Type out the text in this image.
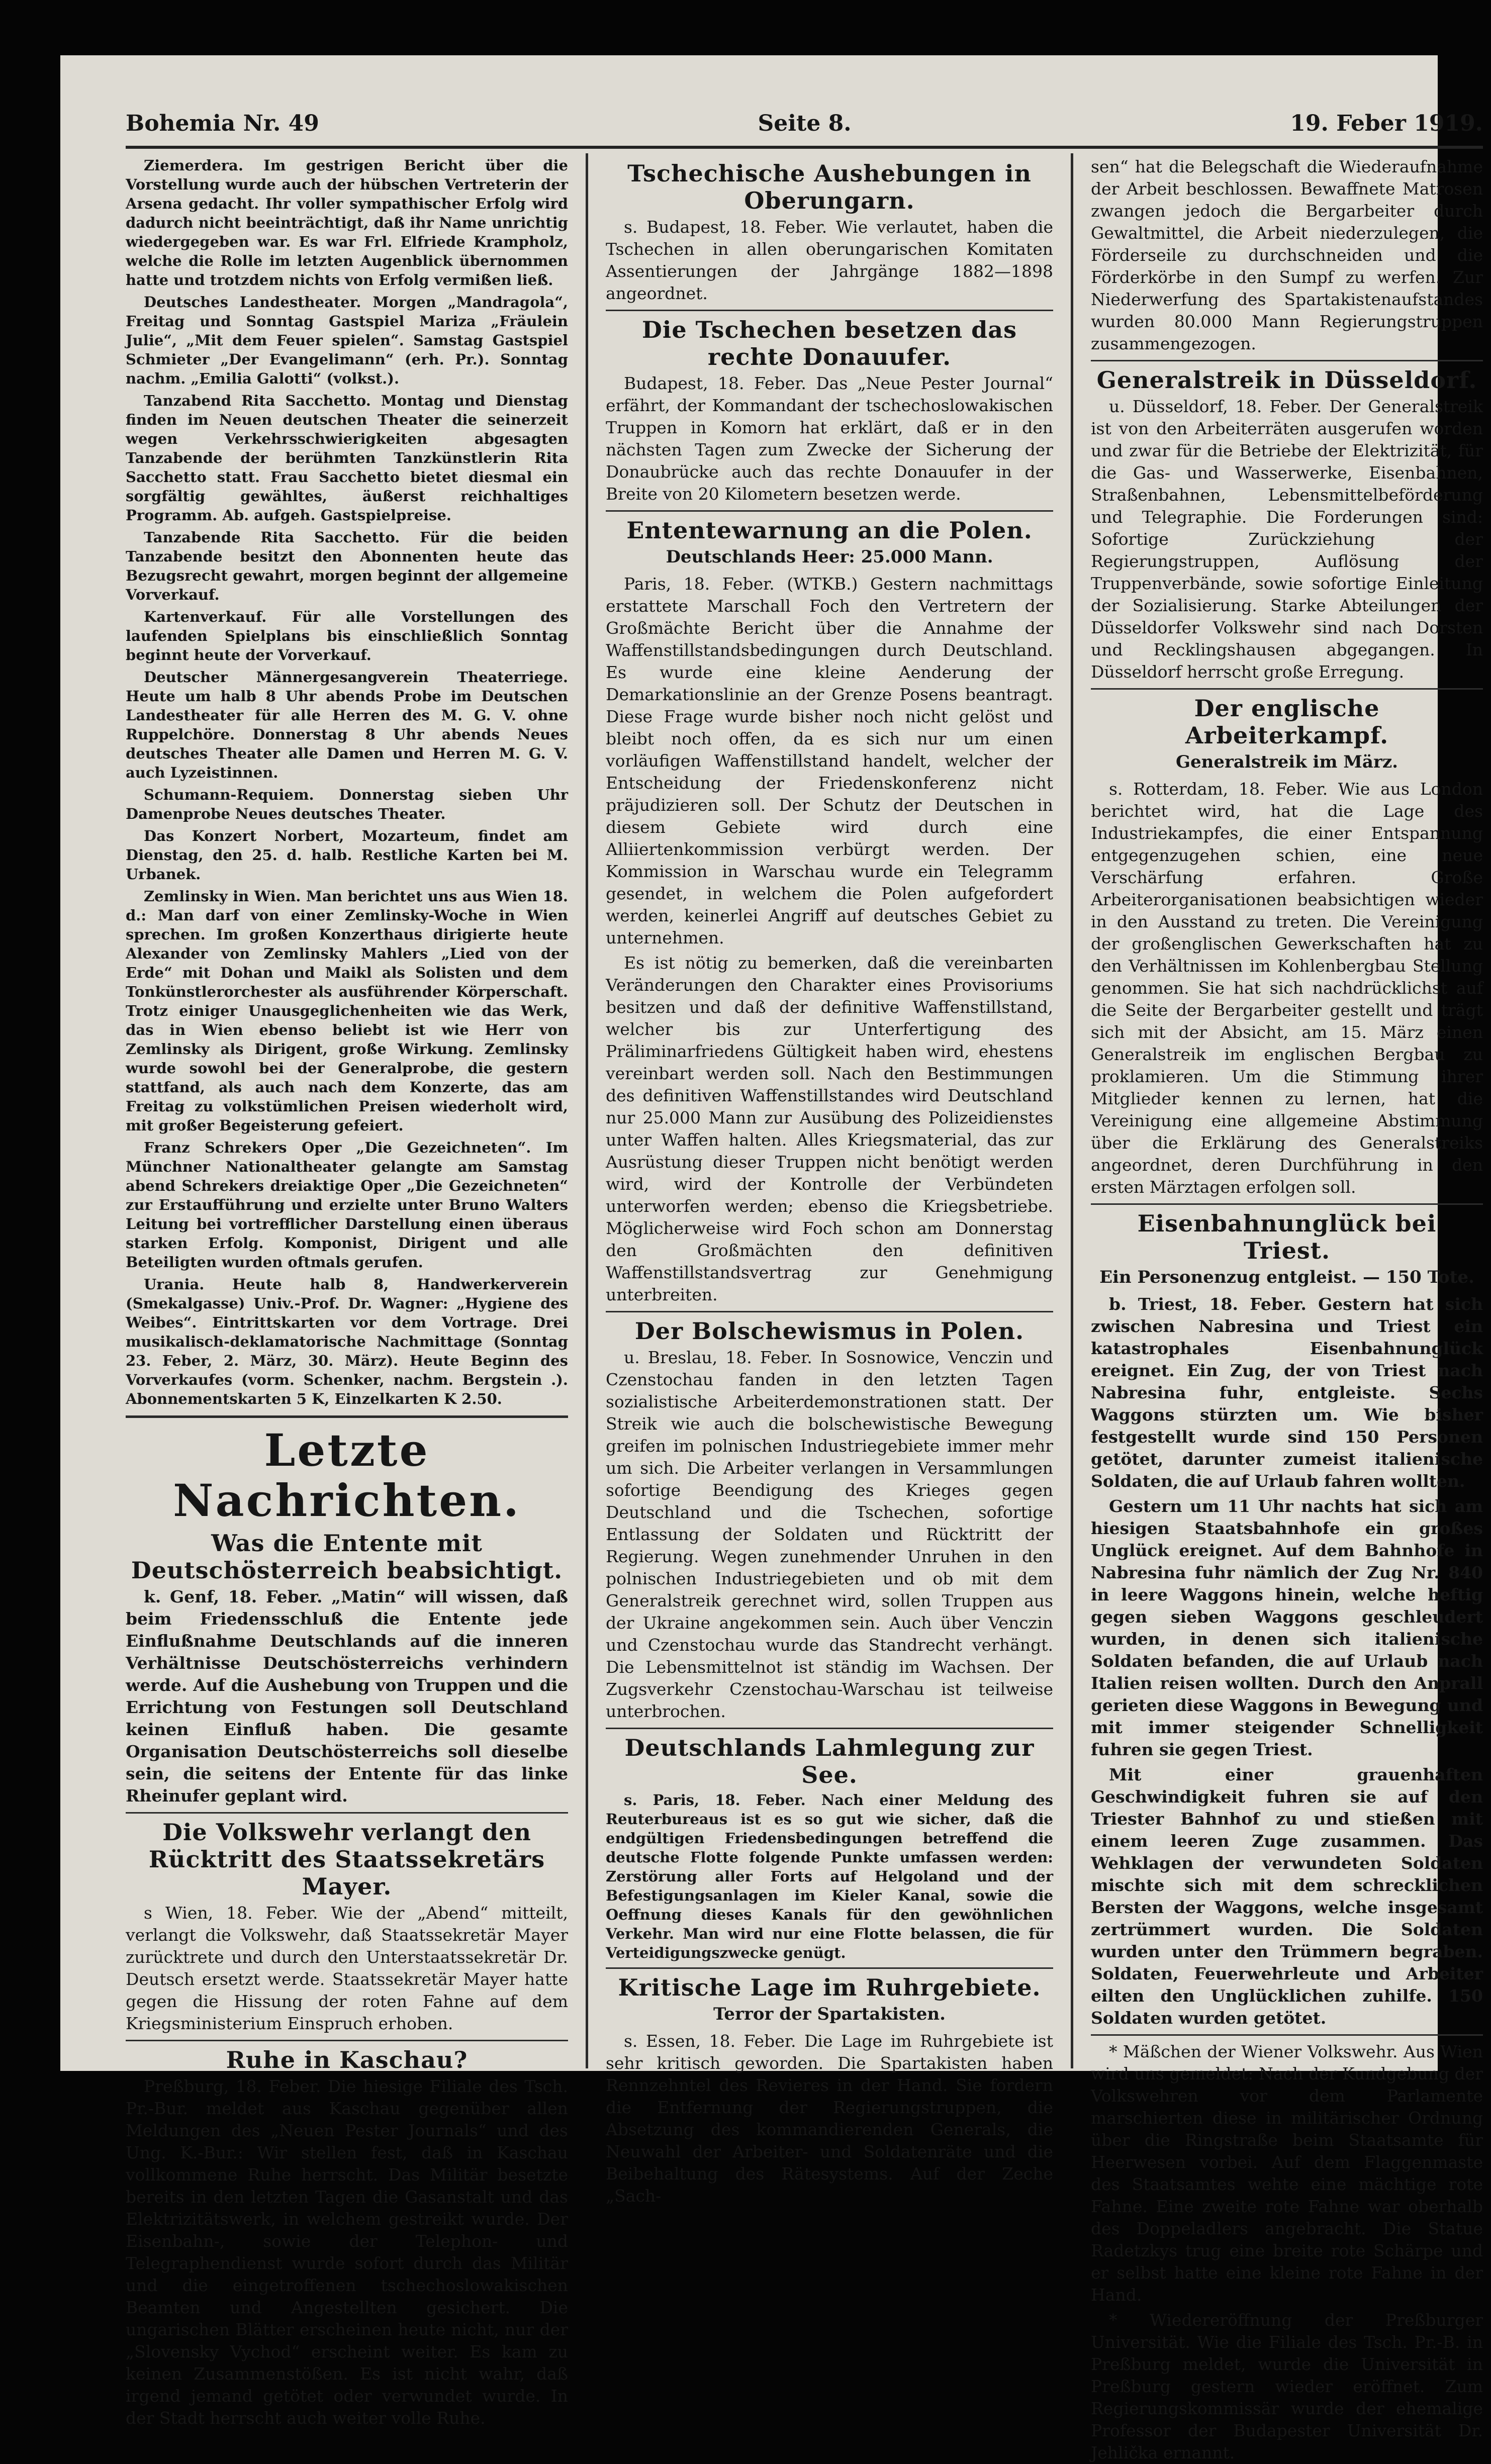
Bohemia Nr. 49	Seite 8.	19. Feber 1919.

Ziemerdera. Im gestrigen Bericht über die Vorstellung wurde auch der hübschen Vertreterin der Arsena gedacht. Ihr voller sympathischer Erfolg wird dadurch nicht beeinträchtigt, daß ihr Name unrichtig wiedergegeben war. Es war Frl. Elfriede Krampholz, welche die Rolle im letzten Augenblick übernommen hatte und trotzdem nichts von Erfolg vermißen ließ.

Deutsches Landestheater. Morgen „Mandragola“, Freitag und Sonntag Gastspiel Mariza „Fräulein Julie“, „Mit dem Feuer spielen“. Samstag Gastspiel Schmieter „Der Evangelimann“ (erh. Pr.). Sonntag nachm. „Emilia Galotti“ (volkst.).

Tanzabend Rita Sacchetto. Montag und Dienstag finden im Neuen deutschen Theater die seinerzeit wegen Verkehrsschwierigkeiten abgesagten Tanzabende der berühmten Tanzkünstlerin Rita Sacchetto statt. Frau Sacchetto bietet diesmal ein sorgfältig gewähltes, äußerst reichhaltiges Programm. Ab. aufgeh. Gastspielpreise.

Tanzabende Rita Sacchetto. Für die beiden Tanzabende besitzt den Abonnenten heute das Bezugsrecht gewahrt, morgen beginnt der allgemeine Vorverkauf.

Kartenverkauf. Für alle Vorstellungen des laufenden Spielplans bis einschließlich Sonntag beginnt heute der Vorverkauf.

Deutscher Männergesangverein Theaterriege. Heute um halb 8 Uhr abends Probe im Deutschen Landestheater für alle Herren des M. G. V. ohne Ruppelchöre. Donnerstag 8 Uhr abends Neues deutsches Theater alle Damen und Herren M. G. V. auch Lyzeistinnen.

Schumann-Requiem. Donnerstag sieben Uhr Damenprobe Neues deutsches Theater.

Das Konzert Norbert, Mozarteum, findet am Dienstag, den 25. d. halb. Restliche Karten bei M. Urbanek.

Zemlinsky in Wien. Man berichtet uns aus Wien 18. d.: Man darf von einer Zemlinsky-Woche in Wien sprechen. Im großen Konzerthaus dirigierte heute Alexander von Zemlinsky Mahlers „Lied von der Erde“ mit Dohan und Maikl als Solisten und dem Tonkünstlerorchester als ausführender Körperschaft. Trotz einiger Unausgeglichenheiten wie das Werk, das in Wien ebenso beliebt ist wie Herr von Zemlinsky als Dirigent, große Wirkung. Zemlinsky wurde sowohl bei der Generalprobe, die gestern stattfand, als auch nach dem Konzerte, das am Freitag zu volkstümlichen Preisen wiederholt wird, mit großer Begeisterung gefeiert.

Franz Schrekers Oper „Die Gezeichneten“. Im Münchner Nationaltheater gelangte am Samstag abend Schrekers dreiaktige Oper „Die Gezeichneten“ zur Erstaufführung und erzielte unter Bruno Walters Leitung bei vortrefflicher Darstellung einen überaus starken Erfolg. Komponist, Dirigent und alle Beteiligten wurden oftmals gerufen.

Urania. Heute halb 8, Handwerkerverein (Smekalgasse) Univ.-Prof. Dr. Wagner: „Hygiene des Weibes“. Eintrittskarten vor dem Vortrage. Drei musikalisch-deklamatorische Nachmittage (Sonntag 23. Feber, 2. März, 30. März). Heute Beginn des Vorverkaufes (vorm. Schenker, nachm. Bergstein .). Abonnementskarten 5 K, Einzelkarten K 2.50.

Letzte Nachrichten.
Was die Entente mit Deutschösterreich beabsichtigt.

k. Genf, 18. Feber. „Matin“ will wissen, daß beim Friedensschluß die Entente jede Einflußnahme Deutschlands auf die inneren Verhältnisse Deutschösterreichs verhindern werde. Auf die Aushebung von Truppen und die Errichtung von Festungen soll Deutschland keinen Einfluß haben. Die gesamte Organisation Deutschösterreichs soll dieselbe sein, die seitens der Entente für das linke Rheinufer geplant wird.

Die Volkswehr verlangt den Rücktritt des Staatssekretärs Mayer.

s Wien, 18. Feber. Wie der „Abend“ mitteilt, verlangt die Volkswehr, daß Staatssekretär Mayer zurücktrete und durch den Unterstaatssekretär Dr. Deutsch ersetzt werde. Staatssekretär Mayer hatte gegen die Hissung der roten Fahne auf dem Kriegsministerium Einspruch erhoben.

Ruhe in Kaschau?

Preßburg, 18. Feber. Die hiesige Filiale des Tsch. Pr.-Bur. meldet aus Kaschau gegenüber allen Meldungen des „Neuen Pester Journals“ und des Ung. K.-Bur.: Wir stellen fest, daß in Kaschau vollkommene Ruhe herrscht. Das Militär besetzte bereits in den letzten Tagen die Gasanstalt und das Elektrizitätswerk, in welchem gestreikt wurde. Der Eisenbahn-, sowie der Telephon- und Telegraphendienst wurde sofort durch das Militär und die eingetroffenen tschechoslowakischen Beamten und Angestellten gesichert. Die ungarischen Blätter erscheinen heute nicht, nur der „Slovensky Vychod“ erscheint weiter. Es kam zu keinen Zusammenstößen. Es ist nicht wahr, daß irgend jemand getötet oder verwundet wurde. In der Stadt herrscht auch weiter volle Ruhe.

Tschechische Aushebungen in Oberungarn.

s. Budapest, 18. Feber. Wie verlautet, haben die Tschechen in allen oberungarischen Komitaten Assentierungen der Jahrgänge 1882—1898 angeordnet.

Die Tschechen besetzen das rechte Donauufer.

Budapest, 18. Feber. Das „Neue Pester Journal“ erfährt, der Kommandant der tschechoslowakischen Truppen in Komorn hat erklärt, daß er in den nächsten Tagen zum Zwecke der Sicherung der Donaubrücke auch das rechte Donauufer in der Breite von 20 Kilometern besetzen werde.

Ententewarnung an die Polen.
Deutschlands Heer: 25.000 Mann.

Paris, 18. Feber. (WTKB.) Gestern nachmittags erstattete Marschall Foch den Vertretern der Großmächte Bericht über die Annahme der Waffenstillstandsbedingungen durch Deutschland. Es wurde eine kleine Aenderung der Demarkationslinie an der Grenze Posens beantragt. Diese Frage wurde bisher noch nicht gelöst und bleibt noch offen, da es sich nur um einen vorläufigen Waffenstillstand handelt, welcher der Entscheidung der Friedenskonferenz nicht präjudizieren soll. Der Schutz der Deutschen in diesem Gebiete wird durch eine Alliiertenkommission verbürgt werden. Der Kommission in Warschau wurde ein Telegramm gesendet, in welchem die Polen aufgefordert werden, keinerlei Angriff auf deutsches Gebiet zu unternehmen.

Es ist nötig zu bemerken, daß die vereinbarten Veränderungen den Charakter eines Provisoriums besitzen und daß der definitive Waffenstillstand, welcher bis zur Unterfertigung des Präliminarfriedens Gültigkeit haben wird, ehestens vereinbart werden soll. Nach den Bestimmungen des definitiven Waffenstillstandes wird Deutschland nur 25.000 Mann zur Ausübung des Polizeidienstes unter Waffen halten. Alles Kriegsmaterial, das zur Ausrüstung dieser Truppen nicht benötigt werden wird, wird der Kontrolle der Verbündeten unterworfen werden; ebenso die Kriegsbetriebe. Möglicherweise wird Foch schon am Donnerstag den Großmächten den definitiven Waffenstillstandsvertrag zur Genehmigung unterbreiten.

Der Bolschewismus in Polen.

u. Breslau, 18. Feber. In Sosnowice, Venczin und Czenstochau fanden in den letzten Tagen sozialistische Arbeiterdemonstrationen statt. Der Streik wie auch die bolschewistische Bewegung greifen im polnischen Industriegebiete immer mehr um sich. Die Arbeiter verlangen in Versammlungen sofortige Beendigung des Krieges gegen Deutschland und die Tschechen, sofortige Entlassung der Soldaten und Rücktritt der Regierung. Wegen zunehmender Unruhen in den polnischen Industriegebieten und ob mit dem Generalstreik gerechnet wird, sollen Truppen aus der Ukraine angekommen sein. Auch über Venczin und Czenstochau wurde das Standrecht verhängt. Die Lebensmittelnot ist ständig im Wachsen. Der Zugsverkehr Czenstochau-Warschau ist teilweise unterbrochen.

Deutschlands Lahmlegung zur See.

s. Paris, 18. Feber. Nach einer Meldung des Reuterbureaus ist es so gut wie sicher, daß die endgültigen Friedensbedingungen betreffend die deutsche Flotte folgende Punkte umfassen werden: Zerstörung aller Forts auf Helgoland und der Befestigungsanlagen im Kieler Kanal, sowie die Oeffnung dieses Kanals für den gewöhnlichen Verkehr. Man wird nur eine Flotte belassen, die für Verteidigungszwecke genügt.

Kritische Lage im Ruhrgebiete.
Terror der Spartakisten.

s. Essen, 18. Feber. Die Lage im Ruhrgebiete ist sehr kritisch geworden. Die Spartakisten haben Rennzehntel des Revieres in der Hand. Sie fordern die Entfernung der Regierungstruppen, die Absetzung des kommandierenden Generals, die Neuwahl der Arbeiter- und Soldatenräte und die Beibehaltung des Rätesystems. Auf der Zeche „Sach-

sen“ hat die Belegschaft die Wiederaufnahme der Arbeit beschlossen. Bewaffnete Matrosen zwangen jedoch die Bergarbeiter durch Gewaltmittel, die Arbeit niederzulegen, die Förderseile zu durchschneiden und die Förderkörbe in den Sumpf zu werfen. Zur Niederwerfung des Spartakistenaufstandes wurden 80.000 Mann Regierungstruppen zusammengezogen.

Generalstreik in Düsseldorf.

u. Düsseldorf, 18. Feber. Der Generalstreik ist von den Arbeiterräten ausgerufen worden und zwar für die Betriebe der Elektrizität, für die Gas- und Wasserwerke, Eisenbahnen, Straßenbahnen, Lebensmittelbeförderung und Telegraphie. Die Forderungen sind: Sofortige Zurückziehung der Regierungstruppen, Auflösung der Truppenverbände, sowie sofortige Einleitung der Sozialisierung. Starke Abteilungen der Düsseldorfer Volkswehr sind nach Dorsten und Recklingshausen abgegangen. In Düsseldorf herrscht große Erregung.

Der englische Arbeiterkampf.
Generalstreik im März.

s. Rotterdam, 18. Feber. Wie aus London berichtet wird, hat die Lage des Industriekampfes, die einer Entspannung entgegenzugehen schien, eine neue Verschärfung erfahren. Große Arbeiterorganisationen beabsichtigen wieder in den Ausstand zu treten. Die Vereinigung der großenglischen Gewerkschaften hat zu den Verhältnissen im Kohlenbergbau Stellung genommen. Sie hat sich nachdrücklichst auf die Seite der Bergarbeiter gestellt und trägt sich mit der Absicht, am 15. März einen Generalstreik im englischen Bergbau zu proklamieren. Um die Stimmung ihrer Mitglieder kennen zu lernen, hat die Vereinigung eine allgemeine Abstimmung über die Erklärung des Generalstreiks angeordnet, deren Durchführung in den ersten Märztagen erfolgen soll.

Eisenbahnunglück bei Triest.
Ein Personenzug entgleist. — 150 Tote.

b. Triest, 18. Feber. Gestern hat sich zwischen Nabresina und Triest ein katastrophales Eisenbahnunglück ereignet. Ein Zug, der von Triest nach Nabresina fuhr, entgleiste. Sechs Waggons stürzten um. Wie bisher festgestellt wurde sind 150 Personen getötet, darunter zumeist italienische Soldaten, die auf Urlaub fahren wollten.

Gestern um 11 Uhr nachts hat sich am hiesigen Staatsbahnhofe ein großes Unglück ereignet. Auf dem Bahnhofe in Nabresina fuhr nämlich der Zug Nr. 840 in leere Waggons hinein, welche heftig gegen sieben Waggons geschleudert wurden, in denen sich italienische Soldaten befanden, die auf Urlaub nach Italien reisen wollten. Durch den Anprall gerieten diese Waggons in Bewegung und mit immer steigender Schnelligkeit fuhren sie gegen Triest.

Mit einer grauenhaften Geschwindigkeit fuhren sie auf den Triester Bahnhof zu und stießen mit einem leeren Zuge zusammen. Das Wehklagen der verwundeten Soldaten mischte sich mit dem schrecklichen Bersten der Waggons, welche insgesamt zertrümmert wurden. Die Soldaten wurden unter den Trümmern begraben. Soldaten, Feuerwehrleute und Arbeiter eilten den Unglücklichen zuhilfe. 150 Soldaten wurden getötet.

* Mäßchen der Wiener Volkswehr. Aus Wien wird uns gemeldet: Nach der Kundgebung der Volkswehren vor dem Parlamente marschierten diese in militärischer Ordnung über die Ringstraße beim Staatsamte für Heerwesen vorbei. Auf dem Flaggenmaste des Staatsamtes wehte eine mächtige rote Fahne. Eine zweite rote Fahne war oberhalb des Doppeladlers angebracht. Die Statue Radetzkys trug eine breite rote Schärpe und er selbst hatte eine kleine rote Fahne in der Hand.

* Wiedereröffnung der Preßburger Universität. Wie die Filiale des Tsch. Pr.-B. in Preßburg meldet, wurde die Universität in Preßburg gestern wieder eröffnet. Zum Regierungskommissär wurde der ehemalige Professor der Budapester Universität Dr. Jehlička ernannt.
